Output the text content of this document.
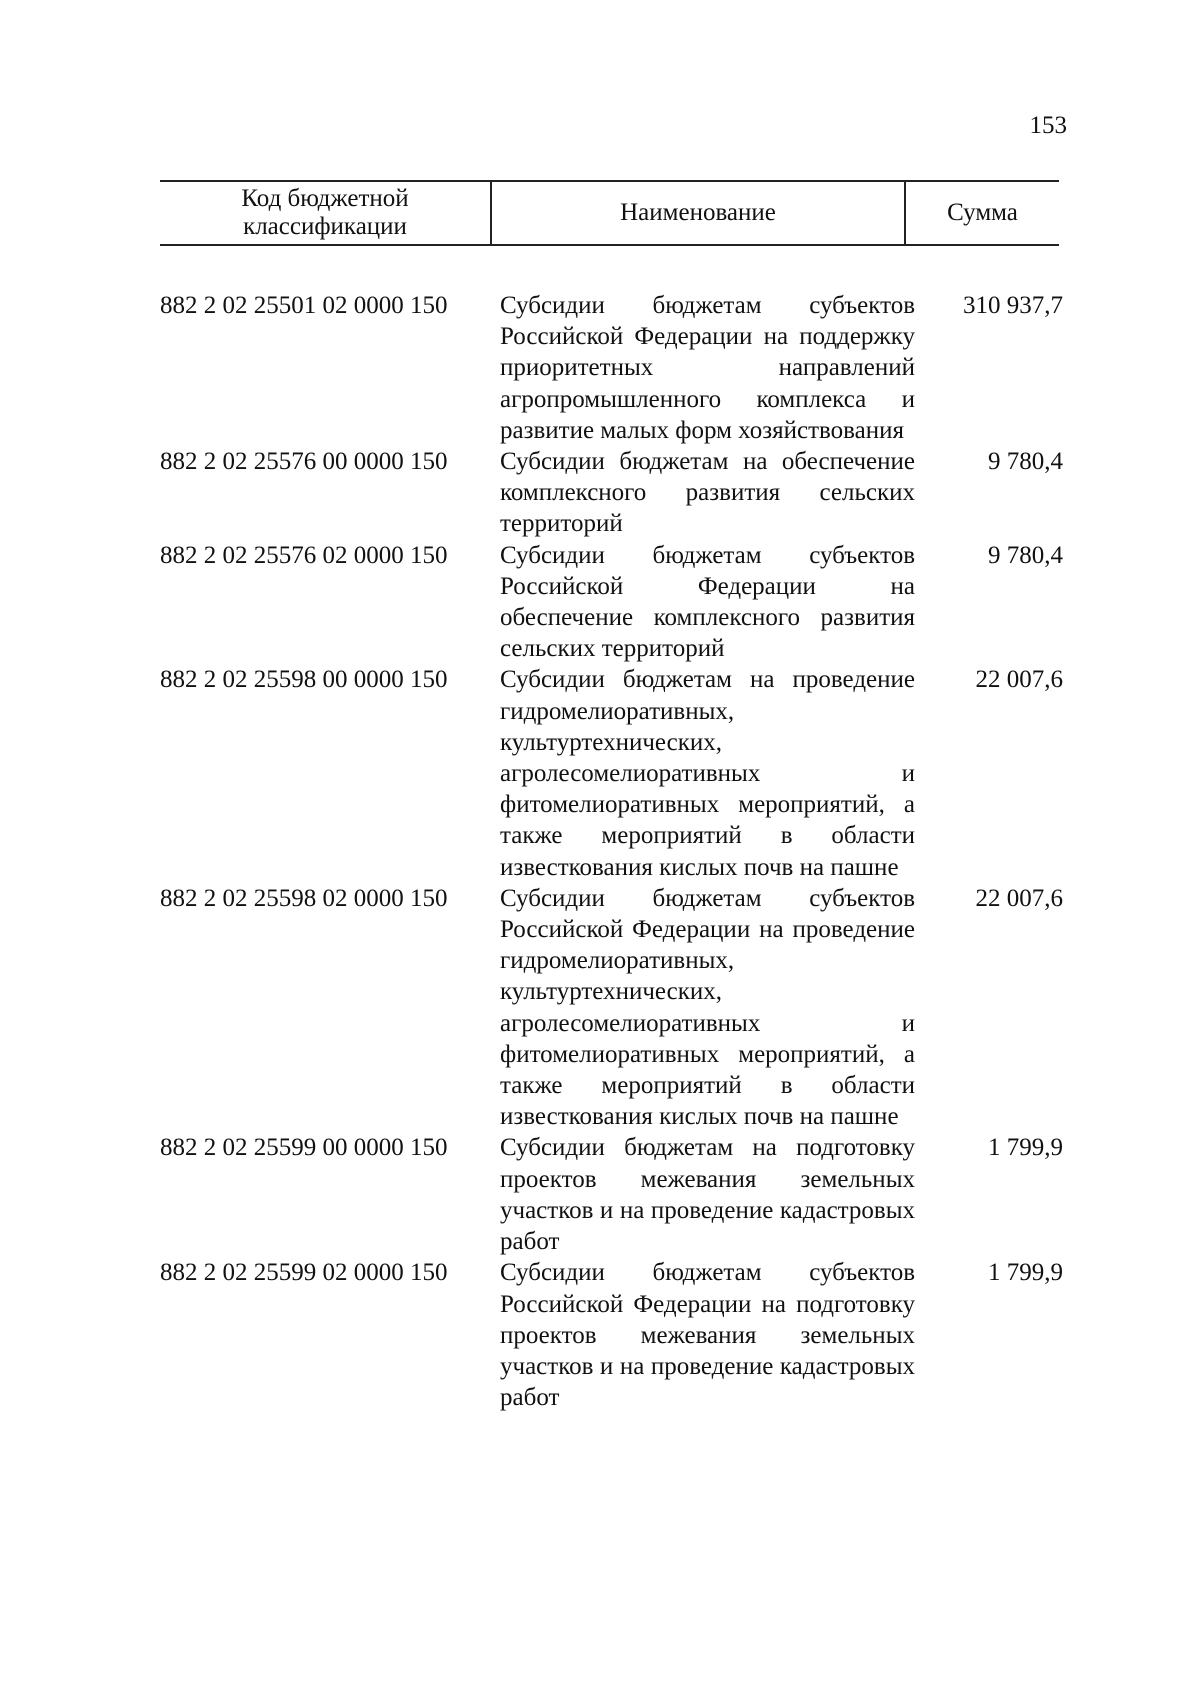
153
Код бюджетной классификации
Наименование	Сумма
882 2 02 25501 02 0000 150 Субсидии бюджетам субъектов Российской Федерации на поддержку приоритетных направлений агропромышленного комплекса и развитие малых форм хозяйствования
310 937,7
882 2 02 25576 00 0000 150 Субсидии бюджетам на обеспечение комплексного развития сельских территорий
9 780,4
882 2 02 25576 02 0000 150 Субсидии бюджетам субъектов Российской Федерации на обеспечение комплексного развития сельских территорий
9 780,4
882 2 02 25598 00 0000 150 Субсидии бюджетам на проведение гидромелиоративных, культуртехнических, агролесомелиоративных и фитомелиоративных мероприятий, а также мероприятий в области известкования кислых почв на пашне
22 007,6
882 2 02 25598 02 0000 150 Субсидии бюджетам субъектов Российской Федерации на проведение гидромелиоративных, культуртехнических, агролесомелиоративных и фитомелиоративных мероприятий, а также мероприятий в области известкования кислых почв на пашне
22 007,6
882 2 02 25599 00 0000 150 Субсидии бюджетам на подготовку проектов межевания земельных участков и на проведение кадастровых работ
1 799,9
882 2 02 25599 02 0000 150 Субсидии бюджетам субъектов Российской Федерации на подготовку проектов межевания земельных участков и на проведение кадастровых работ
1 799,9
